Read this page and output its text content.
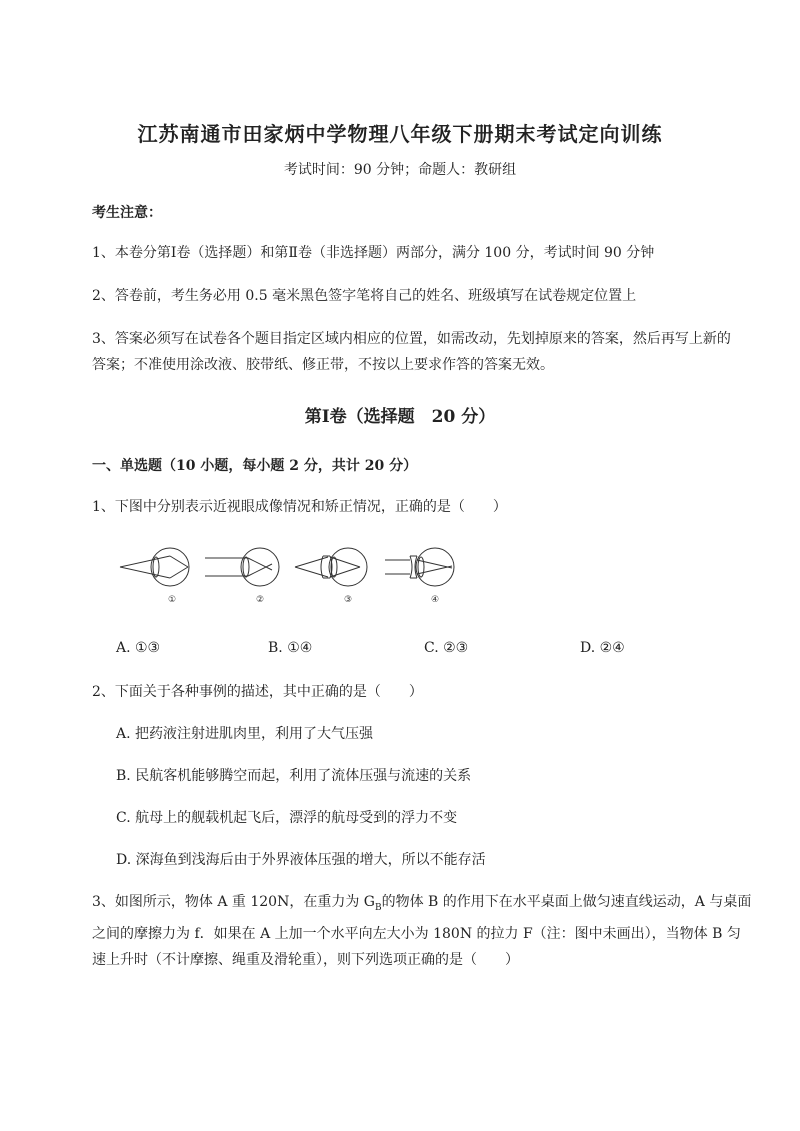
江苏南通市田家炳中学物理八年级下册期末考试定向训练
考试时间：90 分钟；命题人：教研组
考生注意：
1、本卷分第Ⅰ卷（选择题）和第Ⅱ卷（非选择题）两部分，满分 100 分，考试时间 90 分钟
2、答卷前，考生务必用 0.5 毫米黑色签字笔将自己的姓名、班级填写在试卷规定位置上
3、答案必须写在试卷各个题目指定区域内相应的位置，如需改动，先划掉原来的答案，然后再写上新的答案；不准使用涂改液、胶带纸、修正带，不按以上要求作答的答案无效。
第Ⅰ卷（选择题　20 分）
一、单选题（10 小题，每小题 2 分，共计 20 分）
1、下图中分别表示近视眼成像情况和矫正情况，正确的是（　　）
①	②	③	④
A. ①③	B. ①④	C. ②③	D. ②④
2、下面关于各种事例的描述，其中正确的是（　　）
A. 把药液注射进肌肉里，利用了大气压强
B. 民航客机能够腾空而起，利用了流体压强与流速的关系
C. 航母上的舰载机起飞后，漂浮的航母受到的浮力不变
D. 深海鱼到浅海后由于外界液体压强的增大，所以不能存活
3、如图所示，物体 A 重 120N，在重力为 $G_B$的物体 B 的作用下在水平桌面上做匀速直线运动，A 与桌面之间的摩擦力为 f．如果在 A 上加一个水平向左大小为 180N 的拉力 F（注：图中未画出），当物体 B 匀速上升时（不计摩擦、绳重及滑轮重），则下列选项正确的是（　　）
